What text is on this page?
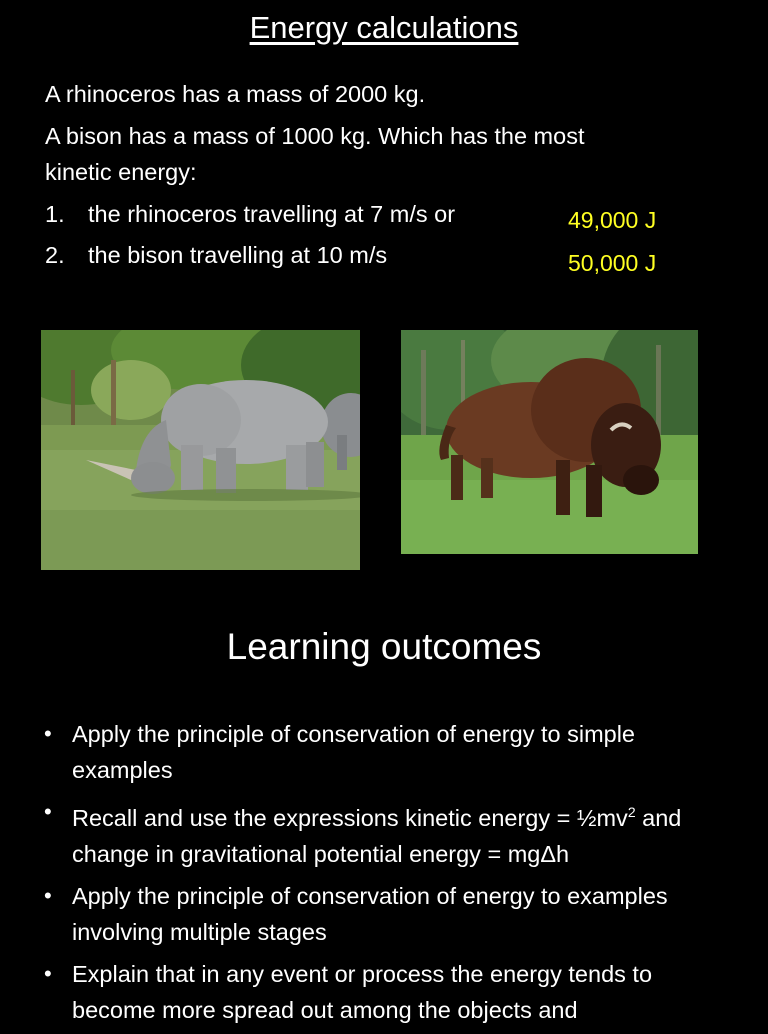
Energy calculations
A rhinoceros has a mass of 2000 kg.
A bison has a mass of 1000 kg. Which has the most
kinetic energy:
1. the rhinoceros travelling at 7 m/s or	49,000 J
2. the bison travelling at 10 m/s	50,000 J
Learning outcomes
• Apply the principle of conservation of energy to simple examples
• Recall and use the expressions kinetic energy = $\frac{1}{2}mv^2$ and change in gravitational potential energy = mgΔh
• Apply the principle of conservation of energy to examples involving multiple stages
• Explain that in any event or process the energy tends to become more spread out among the objects and
